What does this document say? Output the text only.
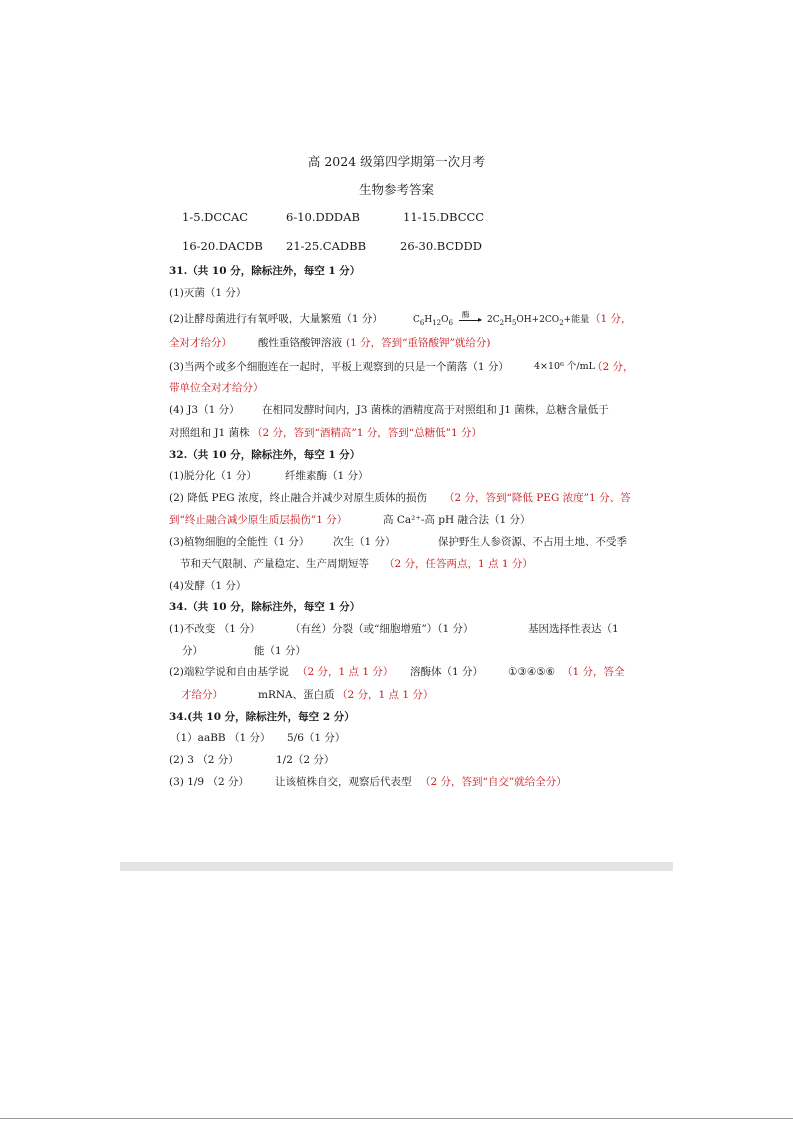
高 2024 级第四学期第一次月考
生物参考答案
1-5.DCCAC	6-10.DDDAB	11-15.DBCCC
16-20.DACDB 21-25.CADBB	26-30.BCDDD
31.（共 10 分，除标注外，每空 1 分）
(1)灭菌（1 分）
(2)让酵母菌进行有氧呼吸，大量繁殖（1 分）	$C_6H_{12}O_6$
酶
▸ $2C_2H_5OH+2CO_2+$能量 （1 分，
全对才给分） 酸性重铬酸钾溶液 (1 分，答到“重铬酸钾”就给分)
(3)当两个或多个细胞连在一起时，平板上观察到的只是一个菌落（1 分）	4×10⁶ 个/mL
（2 分，
带单位全对才给分）
(4) J3（1 分） 在相同发酵时间内，J3 菌株的酒精度高于对照组和 J1 菌株，总糖含量低于
对照组和 J1 菌株 （2 分，答到“酒精高”1 分，答到“总糖低”1 分）
32.（共 10 分，除标注外，每空 1 分）
(1)脱分化（1 分）	纤维素酶（1 分）
(2) 降低 PEG 浓度，终止融合并减少对原生质体的损伤 （2 分，答到“降低 PEG 浓度”1 分、答
到“终止融合减少原生质层损伤”1 分）	高 Ca²⁺-高 pH 融合法（1 分）
(3)植物细胞的全能性（1 分） 次生（1 分）	保护野生人参资源、不占用土地、不受季
节和天气限制、产量稳定、生产周期短等 （2 分，任答两点，1 点 1 分）
(4)发酵（1 分）
34.（共 10 分，除标注外，每空 1 分）
(1)不改变 （1 分）	（有丝）分裂（或“细胞增殖”）（1 分）	基因选择性表达（1
分）	能（1 分）
(2)端粒学说和自由基学说 （2 分，1 点 1 分） 溶酶体（1 分） ①③④⑤⑥ （1 分，答全
才给分）	mRNA、蛋白质 （2 分，1 点 1 分）
34.(共 10 分，除标注外，每空 2 分）
（1）aaBB （1 分） 5/6（1 分）
(2) 3 （2 分）	1/2（2 分）
(3) 1/9 （2 分） 让该植株自交，观察后代表型 （2 分，答到“自交”就给全分）
